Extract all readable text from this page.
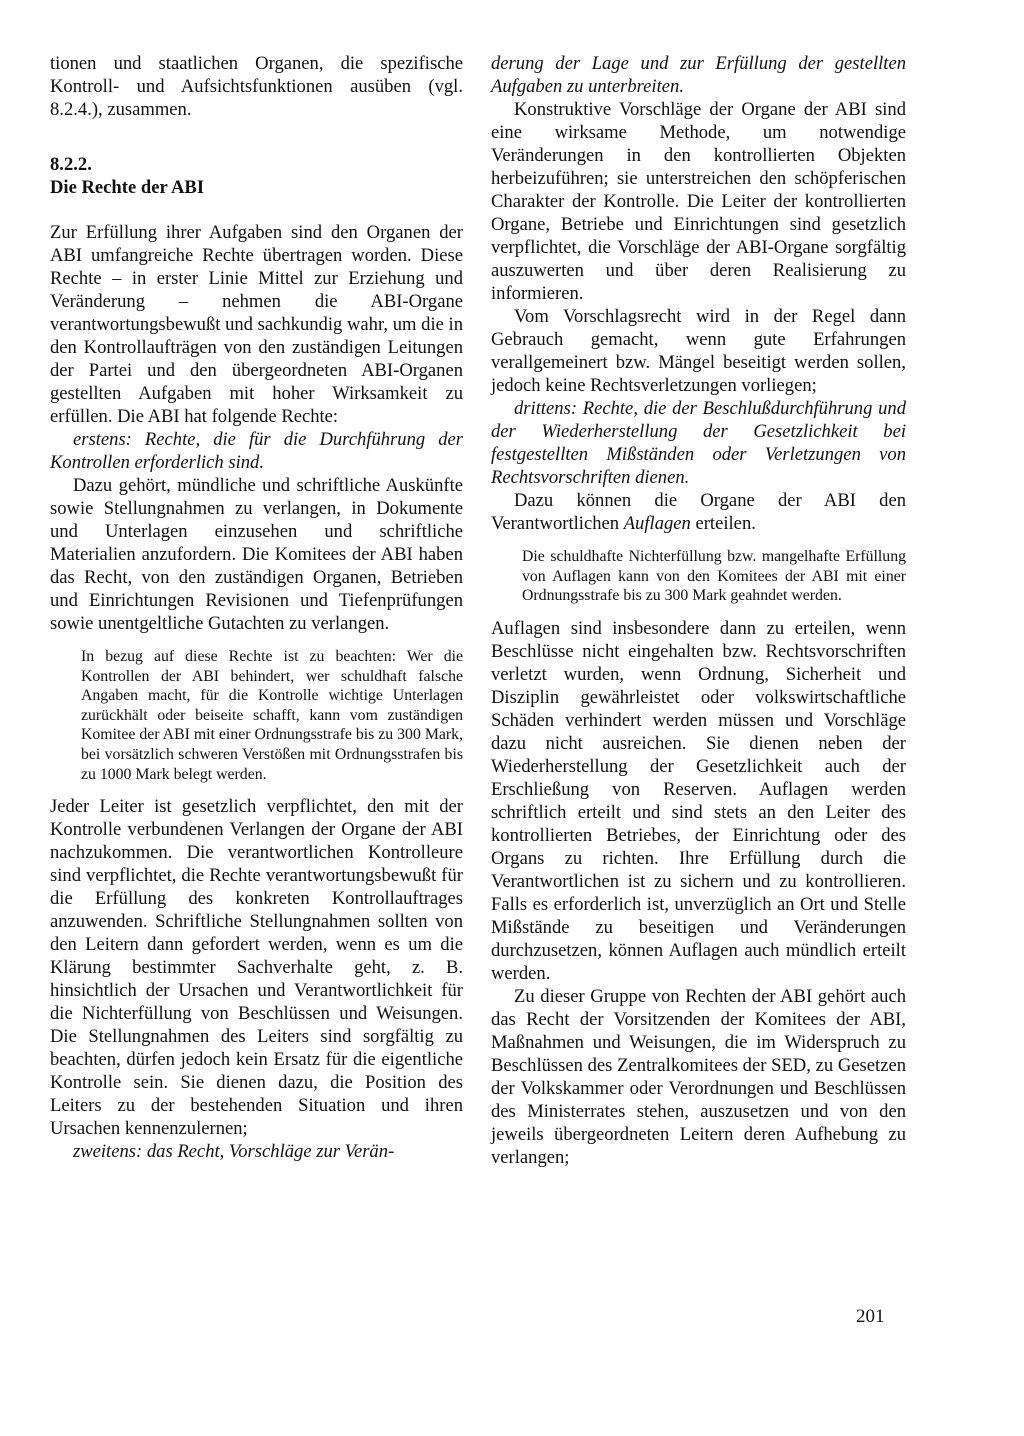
tionen und staatlichen Organen, die spezifische Kontroll- und Aufsichtsfunktionen ausüben (vgl. 8.2.4.), zusammen.

8.2.2.
Die Rechte der ABI

Zur Erfüllung ihrer Aufgaben sind den Organen der ABI umfangreiche Rechte übertragen worden. Diese Rechte – in erster Linie Mittel zur Erziehung und Veränderung – nehmen die ABI-Organe verantwortungsbewußt und sachkundig wahr, um die in den Kontrollaufträgen von den zuständigen Leitungen der Partei und den übergeordneten ABI-Organen gestellten Aufgaben mit hoher Wirksamkeit zu erfüllen. Die ABI hat folgende Rechte:

erstens: Rechte, die für die Durchführung der Kontrollen erforderlich sind.

Dazu gehört, mündliche und schriftliche Auskünfte sowie Stellungnahmen zu verlangen, in Dokumente und Unterlagen einzusehen und schriftliche Materialien anzufordern. Die Komitees der ABI haben das Recht, von den zuständigen Organen, Betrieben und Einrichtungen Revisionen und Tiefenprüfungen sowie unentgeltliche Gutachten zu verlangen.

In bezug auf diese Rechte ist zu beachten: Wer die Kontrollen der ABI behindert, wer schuldhaft falsche Angaben macht, für die Kontrolle wichtige Unterlagen zurückhält oder beiseite schafft, kann vom zuständigen Komitee der ABI mit einer Ordnungsstrafe bis zu 300 Mark, bei vorsätzlich schweren Verstößen mit Ordnungsstrafen bis zu 1000 Mark belegt werden.

Jeder Leiter ist gesetzlich verpflichtet, den mit der Kontrolle verbundenen Verlangen der Organe der ABI nachzukommen. Die verantwortlichen Kontrolleure sind verpflichtet, die Rechte verantwortungsbewußt für die Erfüllung des konkreten Kontrollauftrages anzuwenden. Schriftliche Stellungnahmen sollten von den Leitern dann gefordert werden, wenn es um die Klärung bestimmter Sachverhalte geht, z. B. hinsichtlich der Ursachen und Verantwortlichkeit für die Nichterfüllung von Beschlüssen und Weisungen. Die Stellungnahmen des Leiters sind sorgfältig zu beachten, dürfen jedoch kein Ersatz für die eigentliche Kontrolle sein. Sie dienen dazu, die Position des Leiters zu der bestehenden Situation und ihren Ursachen kennenzulernen;

zweitens: das Recht, Vorschläge zur Verän-

derung der Lage und zur Erfüllung der gestellten Aufgaben zu unterbreiten.

Konstruktive Vorschläge der Organe der ABI sind eine wirksame Methode, um notwendige Veränderungen in den kontrollierten Objekten herbeizuführen; sie unterstreichen den schöpferischen Charakter der Kontrolle. Die Leiter der kontrollierten Organe, Betriebe und Einrichtungen sind gesetzlich verpflichtet, die Vorschläge der ABI-Organe sorgfältig auszuwerten und über deren Realisierung zu informieren.

Vom Vorschlagsrecht wird in der Regel dann Gebrauch gemacht, wenn gute Erfahrungen verallgemeinert bzw. Mängel beseitigt werden sollen, jedoch keine Rechtsverletzungen vorliegen;

drittens: Rechte, die der Beschlußdurchführung und der Wiederherstellung der Gesetzlichkeit bei festgestellten Mißständen oder Verletzungen von Rechtsvorschriften dienen.

Dazu können die Organe der ABI den Verantwortlichen Auflagen erteilen.

Die schuldhafte Nichterfüllung bzw. mangelhafte Erfüllung von Auflagen kann von den Komitees der ABI mit einer Ordnungsstrafe bis zu 300 Mark geahndet werden.

Auflagen sind insbesondere dann zu erteilen, wenn Beschlüsse nicht eingehalten bzw. Rechtsvorschriften verletzt wurden, wenn Ordnung, Sicherheit und Disziplin gewährleistet oder volkswirtschaftliche Schäden verhindert werden müssen und Vorschläge dazu nicht ausreichen. Sie dienen neben der Wiederherstellung der Gesetzlichkeit auch der Erschließung von Reserven. Auflagen werden schriftlich erteilt und sind stets an den Leiter des kontrollierten Betriebes, der Einrichtung oder des Organs zu richten. Ihre Erfüllung durch die Verantwortlichen ist zu sichern und zu kontrollieren. Falls es erforderlich ist, unverzüglich an Ort und Stelle Mißstände zu beseitigen und Veränderungen durchzusetzen, können Auflagen auch mündlich erteilt werden.

Zu dieser Gruppe von Rechten der ABI gehört auch das Recht der Vorsitzenden der Komitees der ABI, Maßnahmen und Weisungen, die im Widerspruch zu Beschlüssen des Zentralkomitees der SED, zu Gesetzen der Volkskammer oder Verordnungen und Beschlüssen des Ministerrates stehen, auszusetzen und von den jeweils übergeordneten Leitern deren Aufhebung zu verlangen;

201
